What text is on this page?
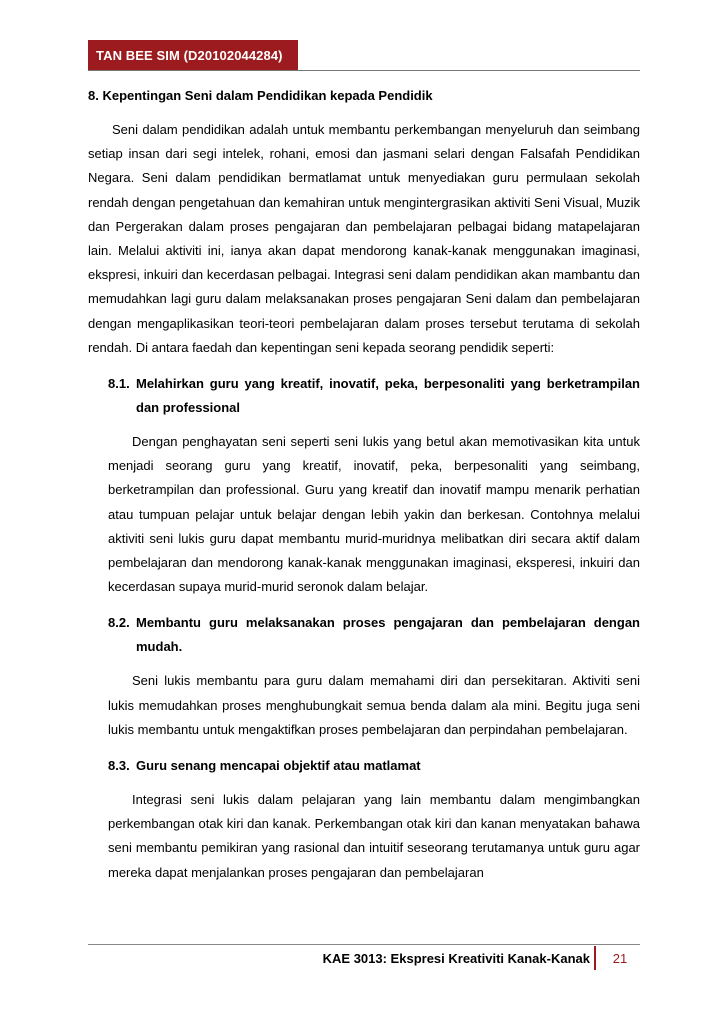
TAN BEE SIM (D20102044284)
8. Kepentingan Seni dalam Pendidikan kepada Pendidik

Seni dalam pendidikan adalah untuk membantu perkembangan menyeluruh dan seimbang setiap insan dari segi intelek, rohani, emosi dan jasmani selari dengan Falsafah Pendidikan Negara. Seni dalam pendidikan bermatlamat untuk menyediakan guru permulaan sekolah rendah dengan pengetahuan dan kemahiran untuk mengintergrasikan aktiviti Seni Visual, Muzik dan Pergerakan dalam proses pengajaran dan pembelajaran pelbagai bidang matapelajaran lain. Melalui aktiviti ini, ianya akan dapat mendorong kanak-kanak menggunakan imaginasi, ekspresi, inkuiri dan kecerdasan pelbagai. Integrasi seni dalam pendidikan akan mambantu dan memudahkan lagi guru dalam melaksanakan proses pengajaran Seni dalam dan pembelajaran dengan mengaplikasikan teori-teori pembelajaran dalam proses tersebut terutama di sekolah rendah. Di antara faedah dan kepentingan seni kepada seorang pendidik seperti:

8.1. Melahirkan guru yang kreatif, inovatif, peka, berpesonaliti yang berketrampilan dan professional

Dengan penghayatan seni seperti seni lukis yang betul akan memotivasikan kita untuk menjadi seorang guru yang kreatif, inovatif, peka, berpesonaliti yang seimbang, berketrampilan dan professional. Guru yang kreatif dan inovatif mampu menarik perhatian atau tumpuan pelajar untuk belajar dengan lebih yakin dan berkesan. Contohnya melalui aktiviti seni lukis guru dapat membantu murid-muridnya melibatkan diri secara aktif dalam pembelajaran dan mendorong kanak-kanak menggunakan imaginasi, eksperesi, inkuiri dan kecerdasan supaya murid-murid seronok dalam belajar.

8.2. Membantu guru melaksanakan proses pengajaran dan pembelajaran dengan mudah.

Seni lukis membantu para guru dalam memahami diri dan persekitaran. Aktiviti seni lukis memudahkan proses menghubungkait semua benda dalam ala mini. Begitu juga seni lukis membantu untuk mengaktifkan proses pembelajaran dan perpindahan pembelajaran.

8.3. Guru senang mencapai objektif atau matlamat

Integrasi seni lukis dalam pelajaran yang lain membantu dalam mengimbangkan perkembangan otak kiri dan kanak. Perkembangan otak kiri dan kanan menyatakan bahawa seni membantu pemikiran yang rasional dan intuitif seseorang terutamanya untuk guru agar mereka dapat menjalankan proses pengajaran dan pembelajaran

KAE 3013: Ekspresi Kreativiti Kanak-Kanak	21
